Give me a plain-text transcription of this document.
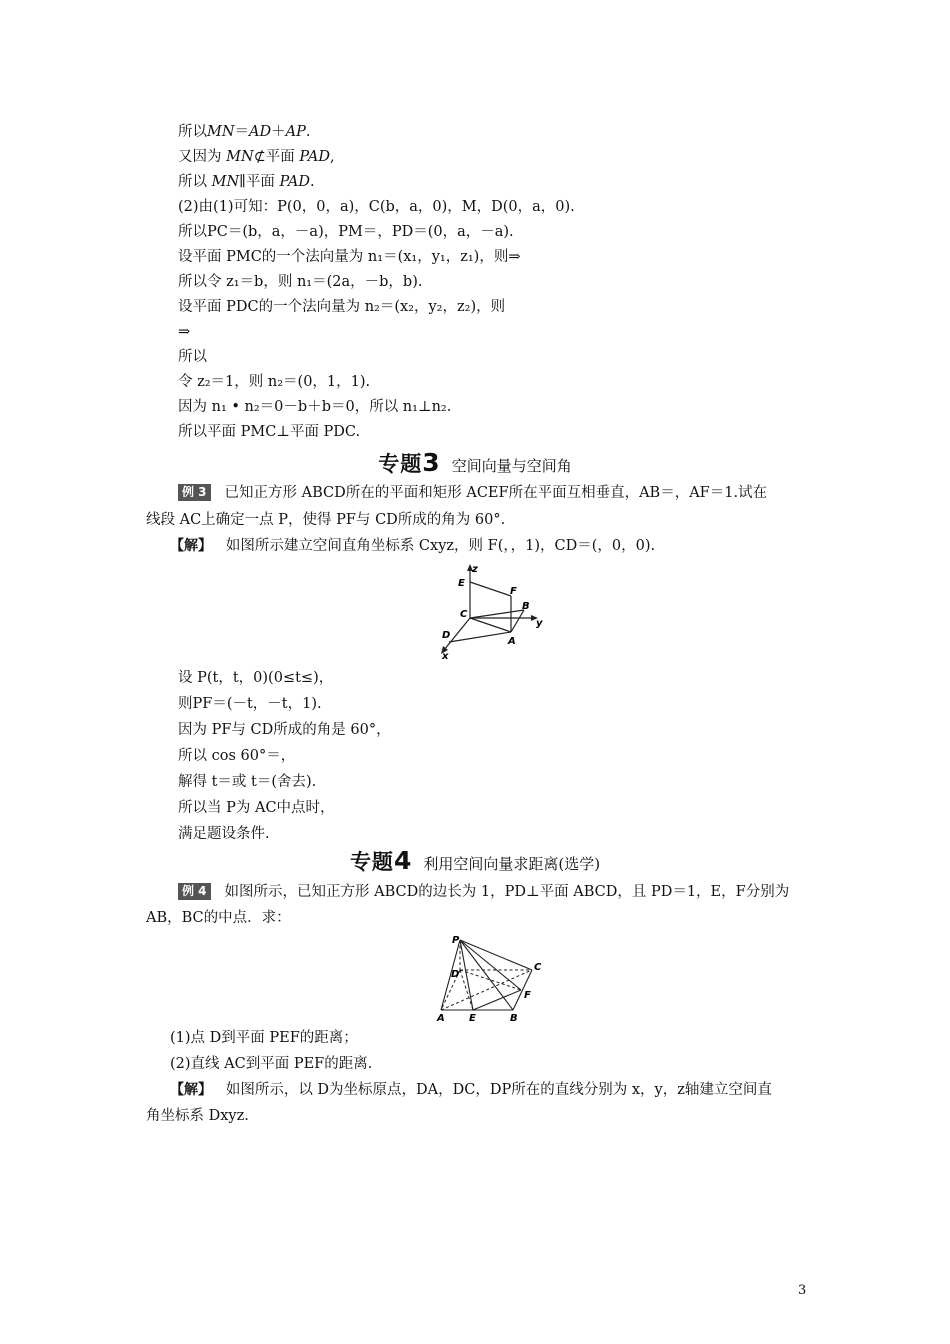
所以MN＝AD＋AP.
又因为 MN⊄平面 PAD,
所以 MN∥平面 PAD.
(2)由(1)可知：P(0，0，a)，C(b，a，0)，M，D(0，a，0).
所以PC＝(b，a，－a)，PM＝，PD＝(0，a，－a).
设平面 PMC的一个法向量为 n₁＝(x₁，y₁，z₁)，则⇒
所以令 z₁＝b，则 n₁＝(2a，－b，b).
设平面 PDC的一个法向量为 n₂＝(x₂，y₂，z₂)，则
⇒
所以
令 z₂＝1，则 n₂＝(0，1，1).
因为 n₁ • n₂＝0－b＋b＝0，所以 n₁⊥n₂.
所以平面 PMC⊥平面 PDC.
专题3 空间向量与空间角
例 3 已知正方形 ABCD所在的平面和矩形 ACEF所在平面互相垂直，AB＝，AF＝1.试在
线段 AC上确定一点 P，使得 PF与 CD所成的角为 60°.
【解】 如图所示建立空间直角坐标系 Cxyz，则 F(，，1)，CD＝(，0，0).
z
E
F
C
B
y
D
A
x
设 P(t，t，0)(0≤t≤)，
则PF＝(－t，－t，1).
因为 PF与 CD所成的角是 60°，
所以 cos 60°＝，
解得 t＝或 t＝(舍去).
所以当 P为 AC中点时，
满足题设条件.
专题4 利用空间向量求距离(选学)
例 4 如图所示，已知正方形 ABCD的边长为 1，PD⊥平面 ABCD，且 PD＝1，E，F分别为
AB，BC的中点．求：
P
D
C
F
A E	B
(1)点 D到平面 PEF的距离；
(2)直线 AC到平面 PEF的距离.
【解】 如图所示，以 D为坐标原点，DA，DC，DP所在的直线分别为 x，y，z轴建立空间直
角坐标系 Dxyz.
3
